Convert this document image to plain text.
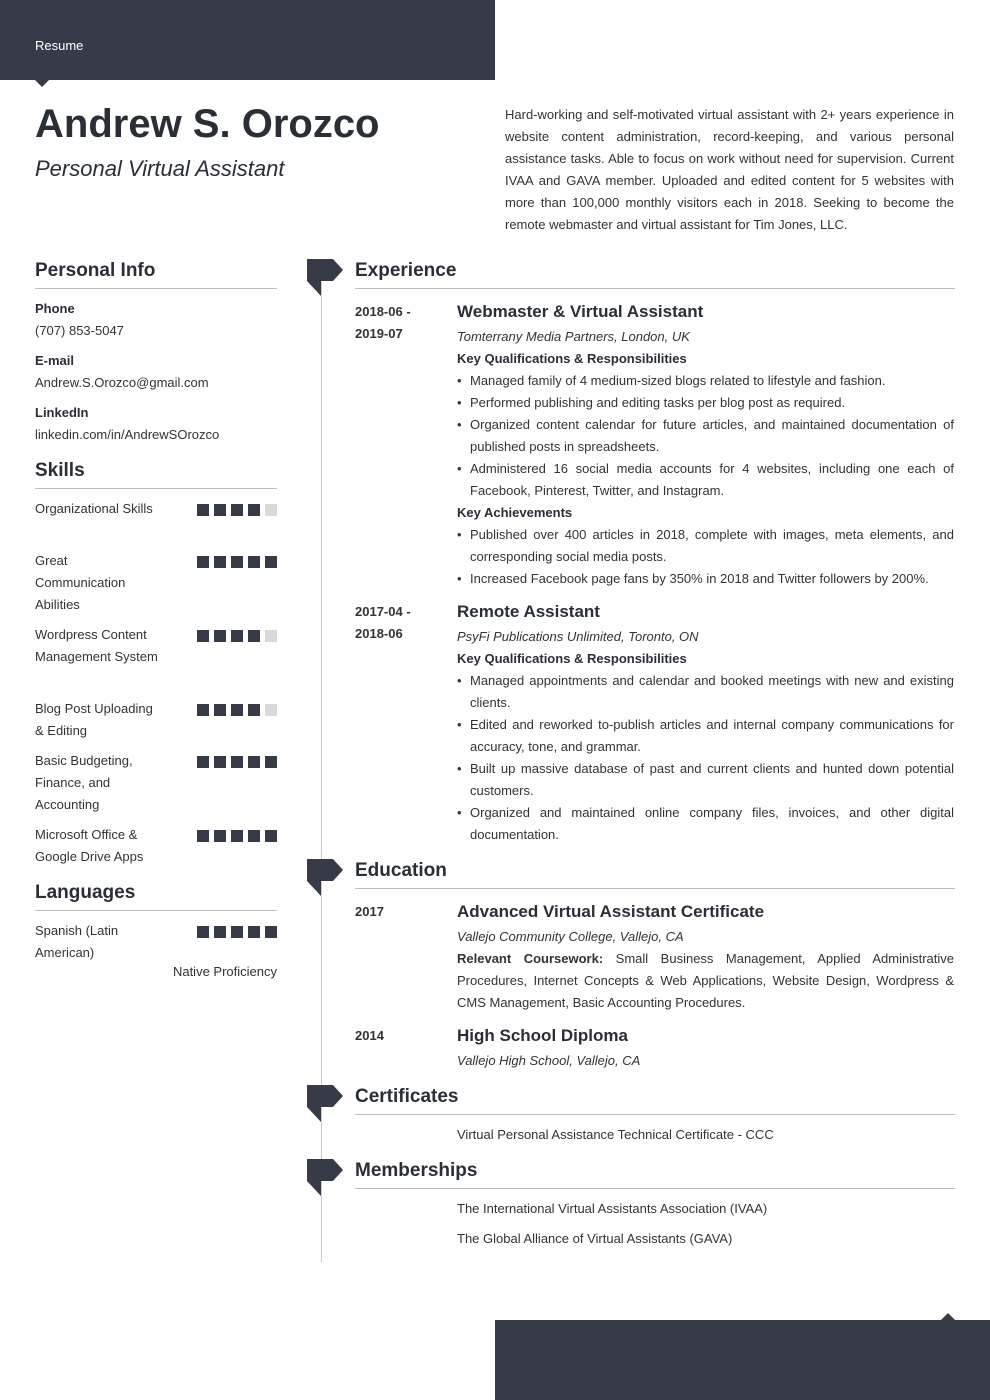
Resume
Andrew S. Orozco
Personal Virtual Assistant

Hard-working and self-motivated virtual assistant with 2+ years experience in website content administration, record-keeping, and various personal assistance tasks. Able to focus on work without need for supervision. Current IVAA and GAVA member. Uploaded and edited content for 5 websites with more than 100,000 monthly visitors each in 2018. Seeking to become the remote webmaster and virtual assistant for Tim Jones, LLC.

Personal Info
Phone
(707) 853-5047
E-mail
Andrew.S.Orozco@gmail.com
LinkedIn
linkedin.com/in/AndrewSOrozco
Skills
Organizational Skills
Great Communication Abilities
Wordpress Content Management System
Blog Post Uploading & Editing
Basic Budgeting, Finance, and Accounting
Microsoft Office & Google Drive Apps
Languages
Spanish (Latin American)
Native Proficiency
Experience
2018-06 -
2019-07
Webmaster & Virtual Assistant
Tomterrany Media Partners, London, UK
Key Qualifications & Responsibilities
• Managed family of 4 medium-sized blogs related to lifestyle and fashion.
• Performed publishing and editing tasks per blog post as required.
• Organized content calendar for future articles, and maintained documentation of published posts in spreadsheets.
• Administered 16 social media accounts for 4 websites, including one each of Facebook, Pinterest, Twitter, and Instagram.
Key Achievements
• Published over 400 articles in 2018, complete with images, meta elements, and corresponding social media posts.
• Increased Facebook page fans by 350% in 2018 and Twitter followers by 200%.
2017-04 -
2018-06
Remote Assistant
PsyFi Publications Unlimited, Toronto, ON
Key Qualifications & Responsibilities
• Managed appointments and calendar and booked meetings with new and existing clients.
• Edited and reworked to-publish articles and internal company communications for accuracy, tone, and grammar.
• Built up massive database of past and current clients and hunted down potential customers.
• Organized and maintained online company files, invoices, and other digital documentation.
Education
2017	Advanced Virtual Assistant Certificate
Vallejo Community College, Vallejo, CA
Relevant Coursework: Small Business Management, Applied Administrative Procedures, Internet Concepts & Web Applications, Website Design, Wordpress & CMS Management, Basic Accounting Procedures.
2014	High School Diploma
Vallejo High School, Vallejo, CA
Certificates
Virtual Personal Assistance Technical Certificate - CCC
Memberships
The International Virtual Assistants Association (IVAA)
The Global Alliance of Virtual Assistants (GAVA)
